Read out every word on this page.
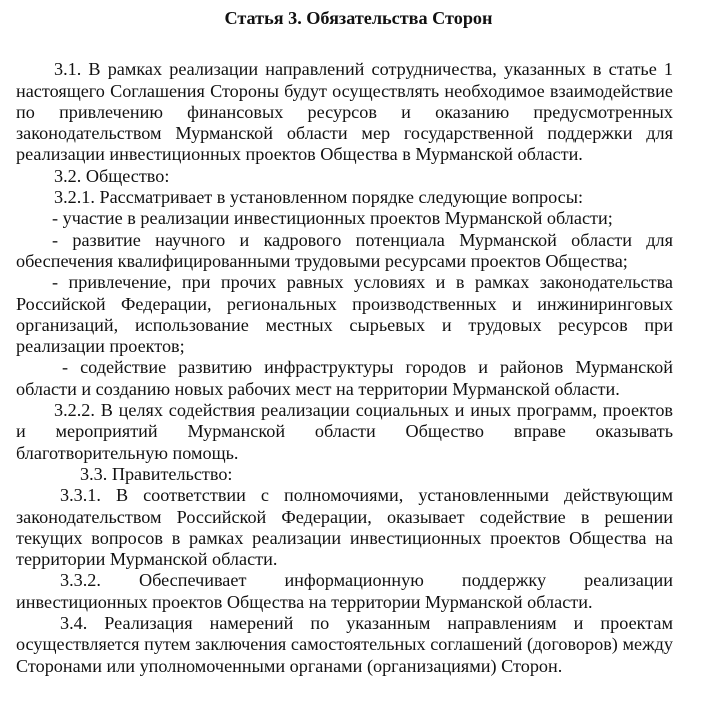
Статья 3. Обязательства Сторон

3.1. В рамках реализации направлений сотрудничества, указанных в статье 1 настоящего Соглашения Стороны будут осуществлять необходимое взаимодействие по привлечению финансовых ресурсов и оказанию предусмотренных законодательством Мурманской области мер государственной поддержки для реализации инвестиционных проектов Общества в Мурманской области.

3.2. Общество:

3.2.1. Рассматривает в установленном порядке следующие вопросы:

- участие в реализации инвестиционных проектов Мурманской области;

- развитие научного и кадрового потенциала Мурманской области для обеспечения квалифицированными трудовыми ресурсами проектов Общества;

- привлечение, при прочих равных условиях и в рамках законодательства Российской Федерации, региональных производственных и инжиниринговых организаций, использование местных сырьевых и трудовых ресурсов при реализации проектов;

- содействие развитию инфраструктуры городов и районов Мурманской области и созданию новых рабочих мест на территории Мурманской области.

3.2.2. В целях содействия реализации социальных и иных программ, проектов и мероприятий Мурманской области Общество вправе оказывать благотворительную помощь.

3.3. Правительство:

3.3.1. В соответствии с полномочиями, установленными действующим законодательством Российской Федерации, оказывает содействие в решении текущих вопросов в рамках реализации инвестиционных проектов Общества на территории Мурманской области.

3.3.2. Обеспечивает информационную поддержку реализации инвестиционных проектов Общества на территории Мурманской области.

3.4. Реализация намерений по указанным направлениям и проектам осуществляется путем заключения самостоятельных соглашений (договоров) между Сторонами или уполномоченными органами (организациями) Сторон.
